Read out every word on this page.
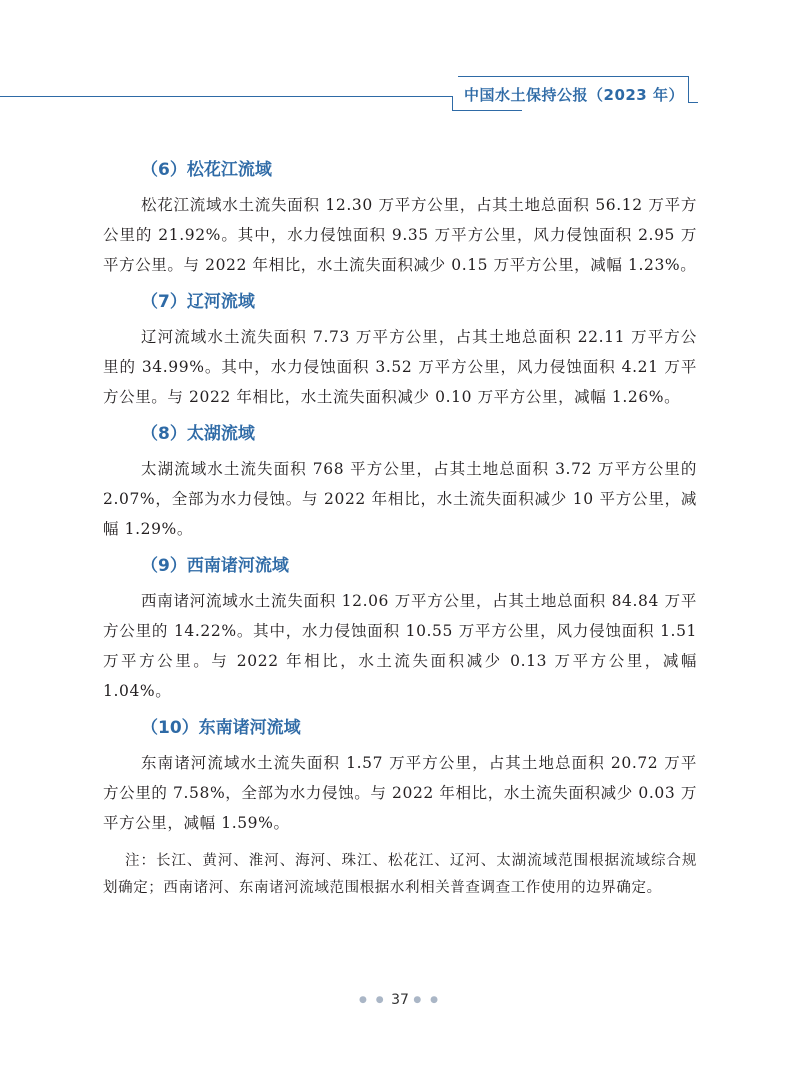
中国水土保持公报（2023 年）
（6）松花江流域

松花江流域水土流失面积 12.30 万平方公里，占其土地总面积 56.12 万平方公里的 21.92%。其中，水力侵蚀面积 9.35 万平方公里，风力侵蚀面积 2.95 万平方公里。与 2022 年相比，水土流失面积减少 0.15 万平方公里，减幅 1.23%。

（7）辽河流域

辽河流域水土流失面积 7.73 万平方公里，占其土地总面积 22.11 万平方公里的 34.99%。其中，水力侵蚀面积 3.52 万平方公里，风力侵蚀面积 4.21 万平方公里。与 2022 年相比，水土流失面积减少 0.10 万平方公里，减幅 1.26%。

（8）太湖流域

太湖流域水土流失面积 768 平方公里，占其土地总面积 3.72 万平方公里的 2.07%，全部为水力侵蚀。与 2022 年相比，水土流失面积减少 10 平方公里，减幅 1.29%。

（9）西南诸河流域

西南诸河流域水土流失面积 12.06 万平方公里，占其土地总面积 84.84 万平方公里的 14.22%。其中，水力侵蚀面积 10.55 万平方公里，风力侵蚀面积 1.51 万平方公里。与 2022 年相比，水土流失面积减少 0.13 万平方公里，减幅 1.04%。

（10）东南诸河流域

东南诸河流域水土流失面积 1.57 万平方公里，占其土地总面积 20.72 万平方公里的 7.58%，全部为水力侵蚀。与 2022 年相比，水土流失面积减少 0.03 万平方公里，减幅 1.59%。

注：长江、黄河、淮河、海河、珠江、松花江、辽河、太湖流域范围根据流域综合规划确定；西南诸河、东南诸河流域范围根据水利相关普查调查工作使用的边界确定。

● ● 37 ● ●
